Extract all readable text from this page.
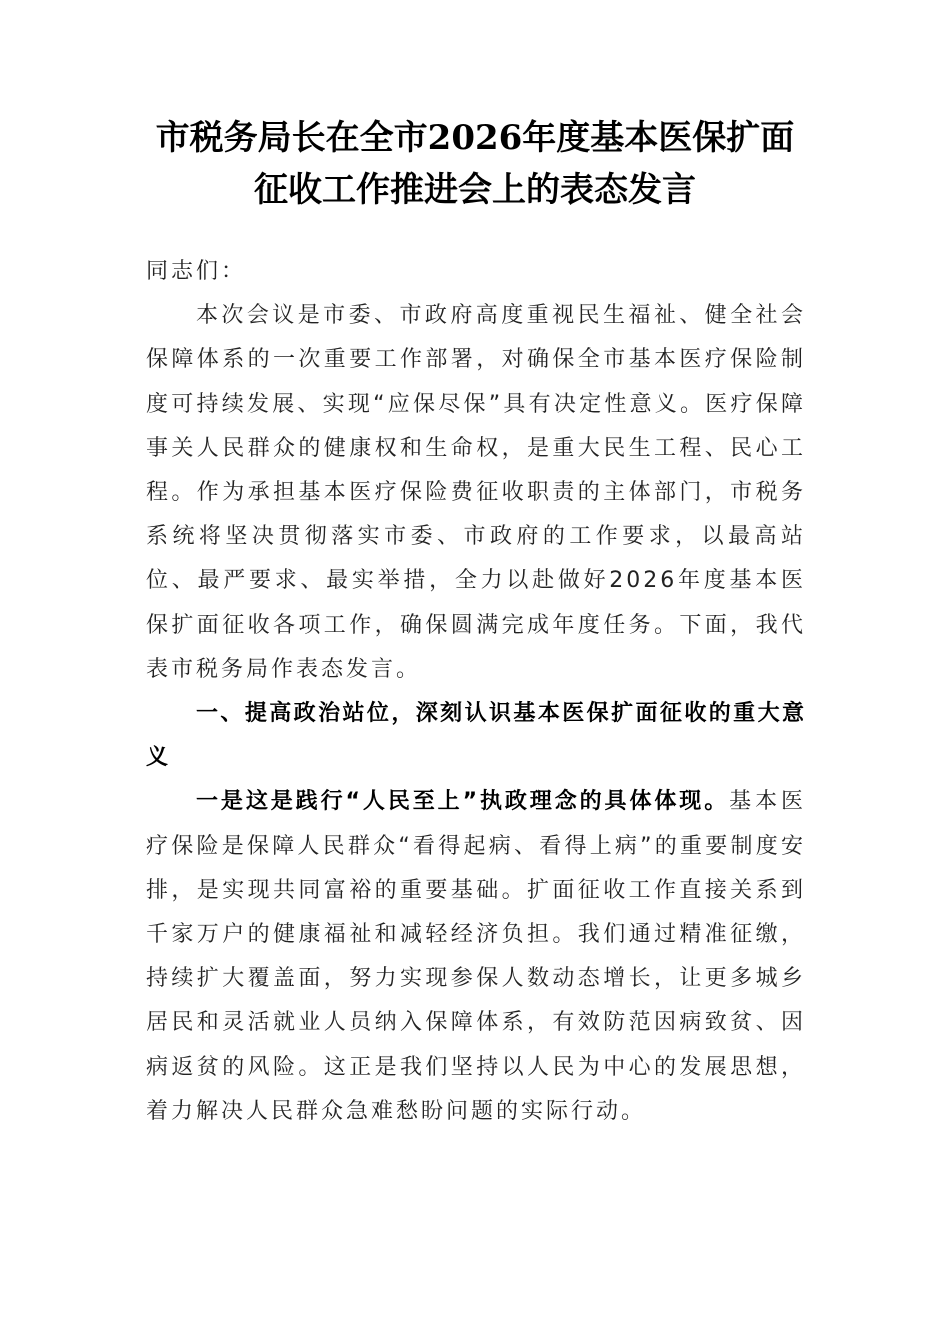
市税务局长在全市2026年度基本医保扩面
征收工作推进会上的表态发言

同志们：

本次会议是市委、市政府高度重视民生福祉、健全社会保障体系的一次重要工作部署，对确保全市基本医疗保险制度可持续发展、实现“应保尽保”具有决定性意义。医疗保障事关人民群众的健康权和生命权，是重大民生工程、民心工程。作为承担基本医疗保险费征收职责的主体部门，市税务系统将坚决贯彻落实市委、市政府的工作要求，以最高站位、最严要求、最实举措，全力以赴做好2026年度基本医保扩面征收各项工作，确保圆满完成年度任务。下面，我代表市税务局作表态发言。

一、提高政治站位，深刻认识基本医保扩面征收的重大意义

一是这是践行“人民至上”执政理念的具体体现。基本医疗保险是保障人民群众“看得起病、看得上病”的重要制度安排，是实现共同富裕的重要基础。扩面征收工作直接关系到千家万户的健康福祉和减轻经济负担。我们通过精准征缴，持续扩大覆盖面，努力实现参保人数动态增长，让更多城乡居民和灵活就业人员纳入保障体系，有效防范因病致贫、因病返贫的风险。这正是我们坚持以人民为中心的发展思想，着力解决人民群众急难愁盼问题的实际行动。
